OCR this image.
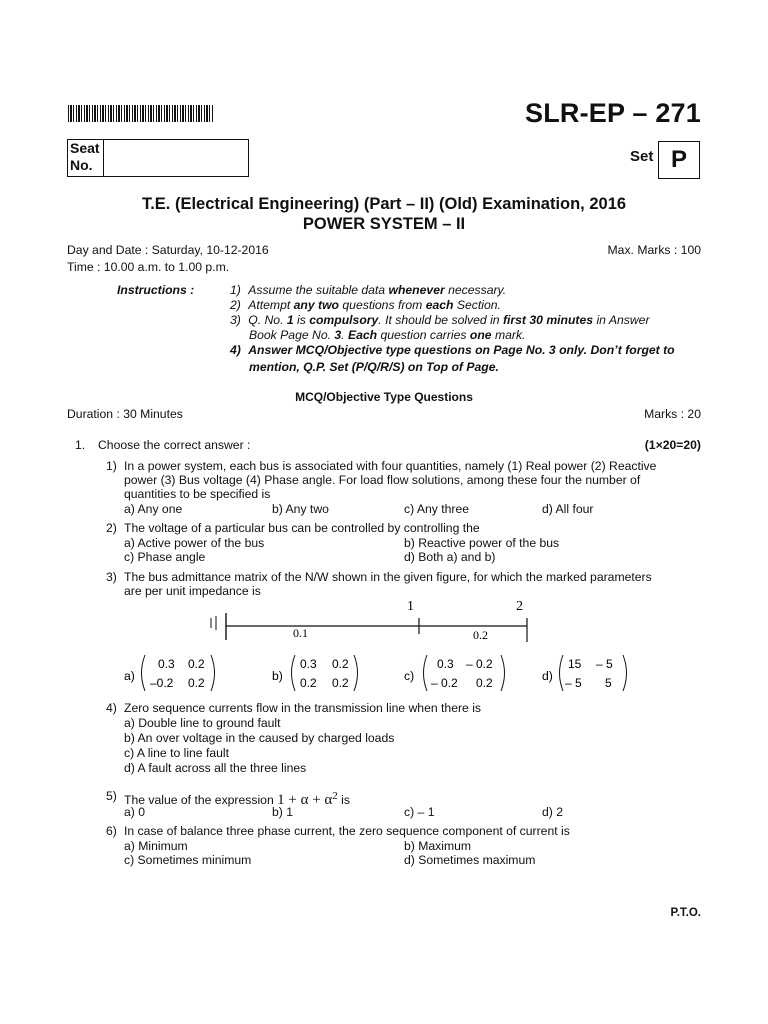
SLR-EP – 271
Seat
No.	Set P
T.E. (Electrical Engineering) (Part – II) (Old) Examination, 2016
POWER SYSTEM – II
Day and Date : Saturday, 10-12-2016	Max. Marks : 100
Time : 10.00 a.m. to 1.00 p.m.
Instructions :	1) Assume the suitable data whenever necessary.
2) Attempt any two questions from each Section.
3) Q. No. 1 is compulsory. It should be solved in first 30 minutes in Answer
Book Page No. 3. Each question carries one mark.
4) Answer MCQ/Objective type questions on Page No. 3 only. Don’t forget to
mention, Q.P. Set (P/Q/R/S) on Top of Page.
MCQ/Objective Type Questions
Duration : 30 Minutes	Marks : 20
1. Choose the correct answer :	(1×20=20)
1) In a power system, each bus is associated with four quantities, namely (1) Real power (2) Reactive
power (3) Bus voltage (4) Phase angle. For load flow solutions, among these four the number of
quantities to be specified is
a) Any one	b) Any two	c) Any three	d) All four
2) The voltage of a particular bus can be controlled by controlling the
a) Active power of the bus	b) Reactive power of the bus
c) Phase angle	d) Both a) and b)
3) The bus admittance matrix of the N/W shown in the given figure, for which the marked parameters
are per unit impedance is
1	2
0.1	0.2
a)
0.3 0.2
–0.2 0.2	b)
0.3 0.2
0.2 0.2	c)
0.3 – 0.2
– 0.2 0.2	d)
15 – 5
– 5 5
4) Zero sequence currents flow in the transmission line when there is
a) Double line to ground fault
b) An over voltage in the caused by charged loads
c) A line to line fault
d) A fault across all the three lines
5) The value of the expression $1 + \alpha + \alpha^2$ is
a) 0	b) 1	c) – 1	d) 2
6) In case of balance three phase current, the zero sequence component of current is
a) Minimum	b) Maximum
c) Sometimes minimum	d) Sometimes maximum
P.T.O.
